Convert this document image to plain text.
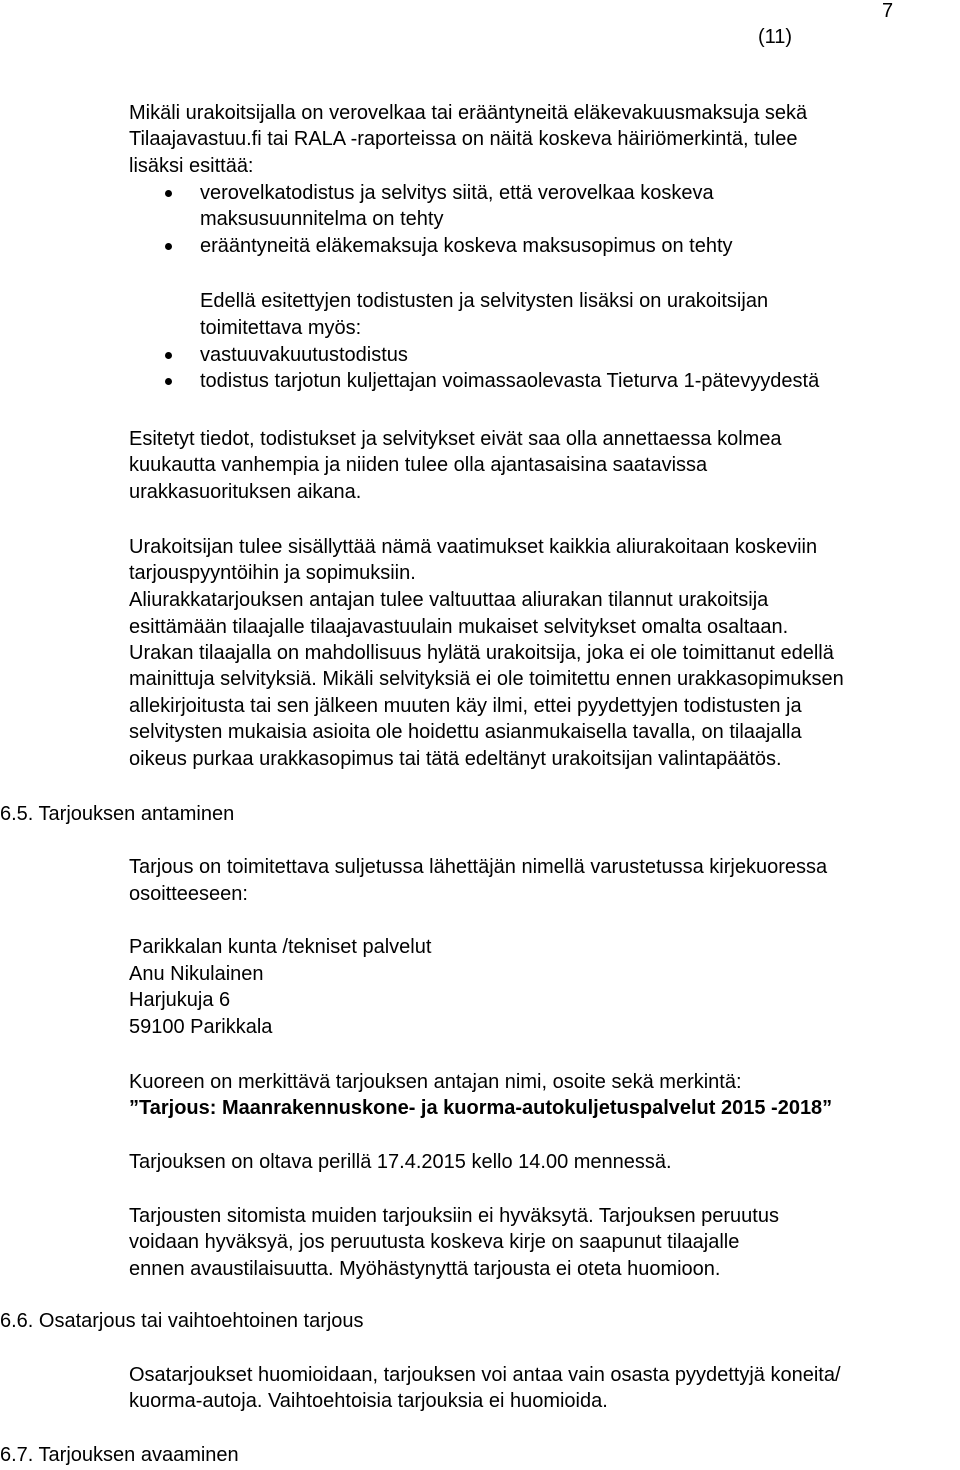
(11)
7
Mikäli urakoitsijalla on verovelkaa tai erääntyneitä eläkevakuusmaksuja sekä
Tilaajavastuu.fi tai RALA -raporteissa on näitä koskeva häiriömerkintä, tulee
lisäksi esittää:
verovelkatodistus ja selvitys siitä, että verovelkaa koskeva
maksusuunnitelma on tehty
erääntyneitä eläkemaksuja koskeva maksusopimus on tehty
Edellä esitettyjen todistusten ja selvitysten lisäksi on urakoitsijan
toimitettava myös:
vastuuvakuutustodistus
todistus tarjotun kuljettajan voimassaolevasta Tieturva 1-pätevyydestä
Esitetyt tiedot, todistukset ja selvitykset eivät saa olla annettaessa kolmea
kuukautta vanhempia ja niiden tulee olla ajantasaisina saatavissa
urakkasuorituksen aikana.
Urakoitsijan tulee sisällyttää nämä vaatimukset kaikkia aliurakoitaan koskeviin
tarjouspyyntöihin ja sopimuksiin.
Aliurakkatarjouksen antajan tulee valtuuttaa aliurakan tilannut urakoitsija
esittämään tilaajalle tilaajavastuulain mukaiset selvitykset omalta osaltaan.
Urakan tilaajalla on mahdollisuus hylätä urakoitsija, joka ei ole toimittanut edellä
mainittuja selvityksiä. Mikäli selvityksiä ei ole toimitettu ennen urakkasopimuksen
allekirjoitusta tai sen jälkeen muuten käy ilmi, ettei pyydettyjen todistusten ja
selvitysten mukaisia asioita ole hoidettu asianmukaisella tavalla, on tilaajalla
oikeus purkaa urakkasopimus tai tätä edeltänyt urakoitsijan valintapäätös.
6.5. Tarjouksen antaminen
Tarjous on toimitettava suljetussa lähettäjän nimellä varustetussa kirjekuoressa
osoitteeseen:
Parikkalan kunta /tekniset palvelut
Anu Nikulainen
Harjukuja 6
59100 Parikkala
Kuoreen on merkittävä tarjouksen antajan nimi, osoite sekä merkintä:
”Tarjous: Maanrakennuskone- ja kuorma-autokuljetuspalvelut 2015 -2018”
Tarjouksen on oltava perillä 17.4.2015 kello 14.00 mennessä.
Tarjousten sitomista muiden tarjouksiin ei hyväksytä. Tarjouksen peruutus
voidaan hyväksyä, jos peruutusta koskeva kirje on saapunut tilaajalle
ennen avaustilaisuutta. Myöhästynyttä tarjousta ei oteta huomioon.
6.6. Osatarjous tai vaihtoehtoinen tarjous
Osatarjoukset huomioidaan, tarjouksen voi antaa vain osasta pyydettyjä koneita/
kuorma-autoja. Vaihtoehtoisia tarjouksia ei huomioida.
6.7. Tarjouksen avaaminen
